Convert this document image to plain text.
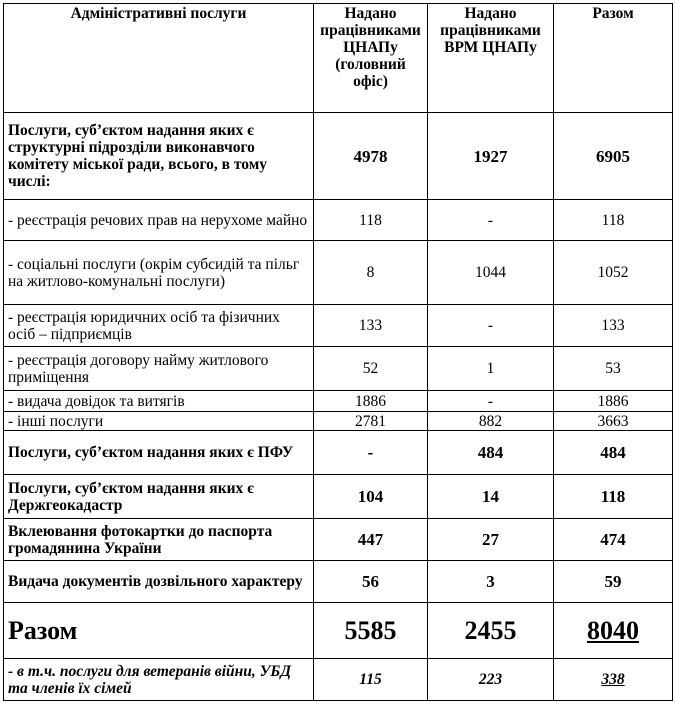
Адміністративні послуги	Надано працівниками ЦНАПу (головний офіс)	Надано працівниками ВРМ ЦНАПу	Разом
Послуги, суб’єктом надання яких є структурні підрозділи виконавчого комітету міської ради, всього, в тому числі:	4978	1927	6905
- реєстрація речових прав на нерухоме майно	118	-	118
- соціальні послуги (окрім субсидій та пільг на житлово-комунальні послуги)	8	1044	1052
- реєстрація юридичних осіб та фізичних осіб – підприємців	133	-	133
- реєстрація договору найму житлового приміщення	52	1	53
- видача довідок та витягів	1886	-	1886
- інші послуги	2781	882	3663
Послуги, суб’єктом надання яких є ПФУ	-	484	484
Послуги, суб’єктом надання яких є Держгеокадастр	104	14	118
Вклеювання фотокартки до паспорта громадянина України	447	27	474
Видача документів дозвільного характеру	56	3	59
Разом	5585	2455	8040
- в т.ч. послуги для ветеранів війни, УБД та членів їх сімей	115	223	338
